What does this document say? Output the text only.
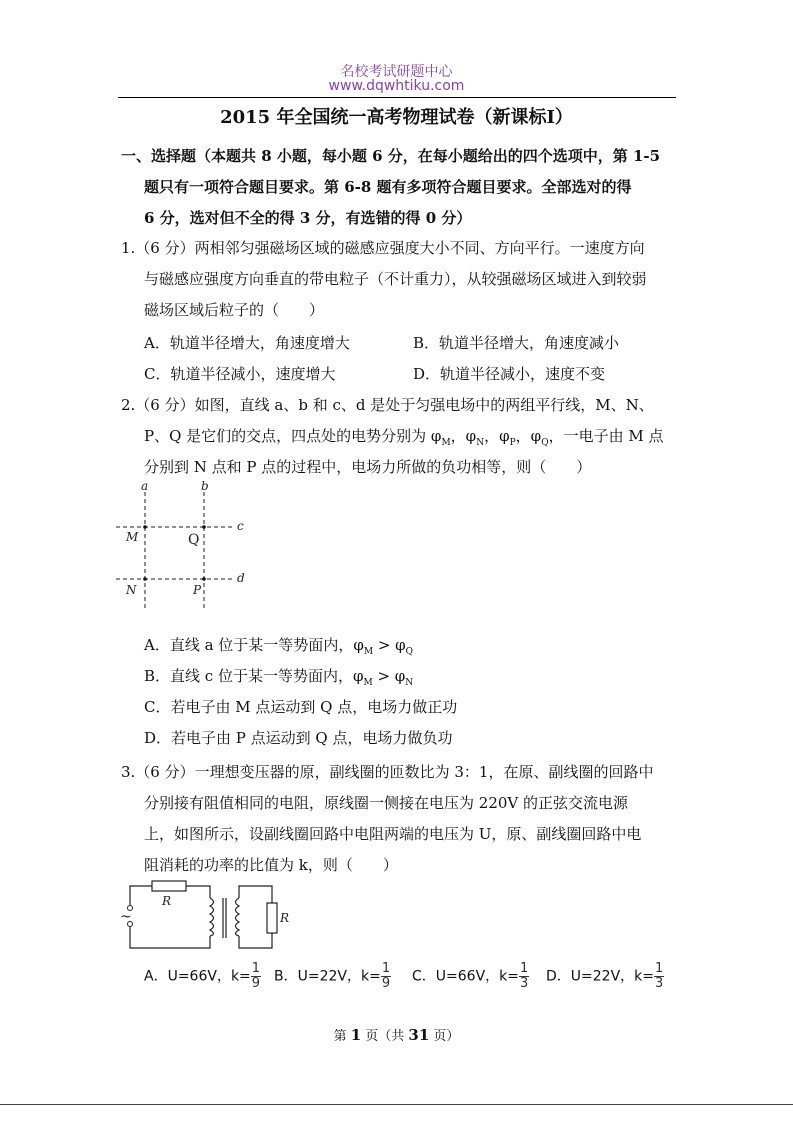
名校考试研题中心
www.dqwhtiku.com
2015 年全国统一高考物理试卷（新课标Ⅰ）
一、选择题（本题共 8 小题，每小题 6 分，在每小题给出的四个选项中，第 1-5
题只有一项符合题目要求。第 6-8 题有多项符合题目要求。全部选对的得
6 分，选对但不全的得 3 分，有选错的得 0 分）
1.（6 分）两相邻匀强磁场区域的磁感应强度大小不同、方向平行。一速度方向
与磁感应强度方向垂直的带电粒子（不计重力），从较强磁场区域进入到较弱
磁场区域后粒子的（　　）
A．轨道半径增大，角速度增大	B．轨道半径增大，角速度减小
C．轨道半径减小，速度增大	D．轨道半径减小，速度不变
2.（6 分）如图，直线 a、b 和 c、d 是处于匀强电场中的两组平行线，M、N、
P、Q 是它们的交点，四点处的电势分别为 $\varphi_M$，$\varphi_N$，$\varphi_P$，$\varphi_Q$，一电子由 M 点
分别到 N 点和 P 点的过程中，电场力所做的负功相等，则（　　）
a	b
c
d
M	Q
N	P
A．直线 a 位于某一等势面内，$\varphi_M > \varphi_Q$
B．直线 c 位于某一等势面内，$\varphi_M > \varphi_N$
C．若电子由 M 点运动到 Q 点，电场力做正功
D．若电子由 P 点运动到 Q 点，电场力做负功
3.（6 分）一理想变压器的原，副线圈的匝数比为 3：1，在原、副线圈的回路中
分别接有阻值相同的电阻，原线圈一侧接在电压为 220V 的正弦交流电源
上，如图所示，设副线圈回路中电阻两端的电压为 U，原、副线圈回路中电
阻消耗的功率的比值为 k，则（　　）
R
R
~
A．U=66V，$k= \frac{1}{9}$ B．U=22V，$k= \frac{1}{9}$ C．U=66V，$k= \frac{1}{3}$ D．U=22V，$k= \frac{1}{3}$
第 1 页（共 31 页）
